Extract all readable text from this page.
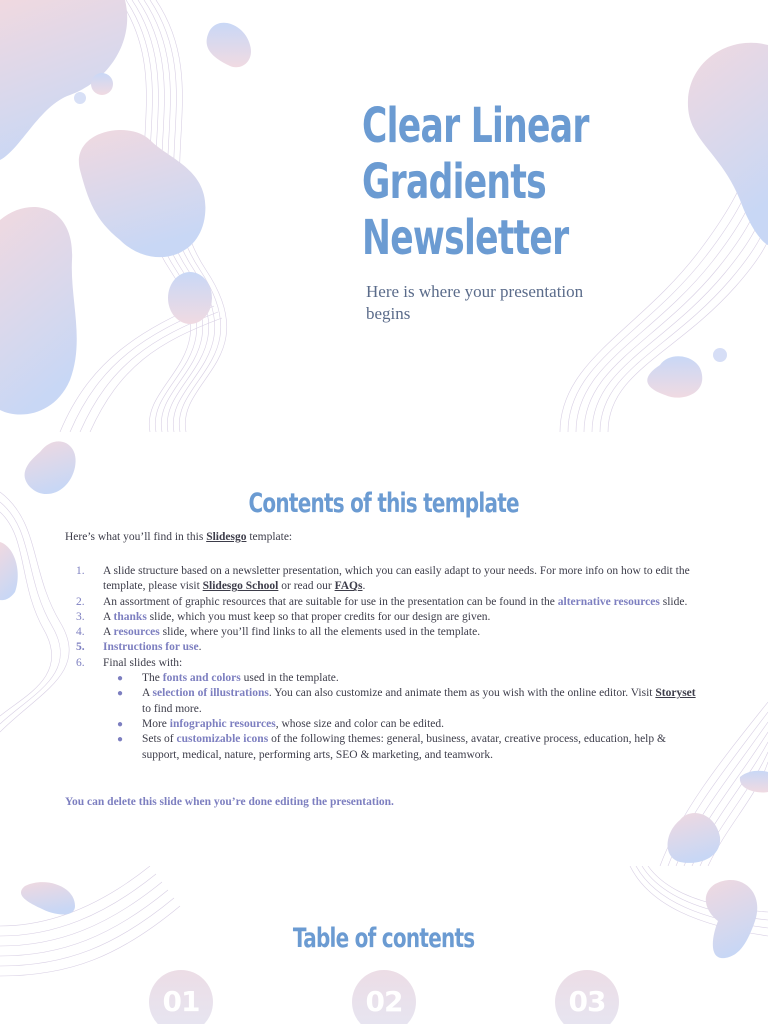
Clear Linear
Gradients
Newsletter

Here is where your presentation begins

Contents of this template

Here’s what you’ll find in this Slidesgo template:

1. A slide structure based on a newsletter presentation, which you can easily adapt to your needs. For more info on how to edit the template, please visit Slidesgo School or read our FAQs.
2. An assortment of graphic resources that are suitable for use in the presentation can be found in the alternative resources slide.
3. A thanks slide, which you must keep so that proper credits for our design are given.
4. A resources slide, where you’ll find links to all the elements used in the template.
5. Instructions for use.
6. Final slides with:
● The fonts and colors used in the template.
● A selection of illustrations. You can also customize and animate them as you wish with the online editor. Visit Storyset to find more.
● More infographic resources, whose size and color can be edited.
● Sets of customizable icons of the following themes: general, business, avatar, creative process, education, help & support, medical, nature, performing arts, SEO & marketing, and teamwork.

You can delete this slide when you’re done editing the presentation.

Table of contents
01	02	03
